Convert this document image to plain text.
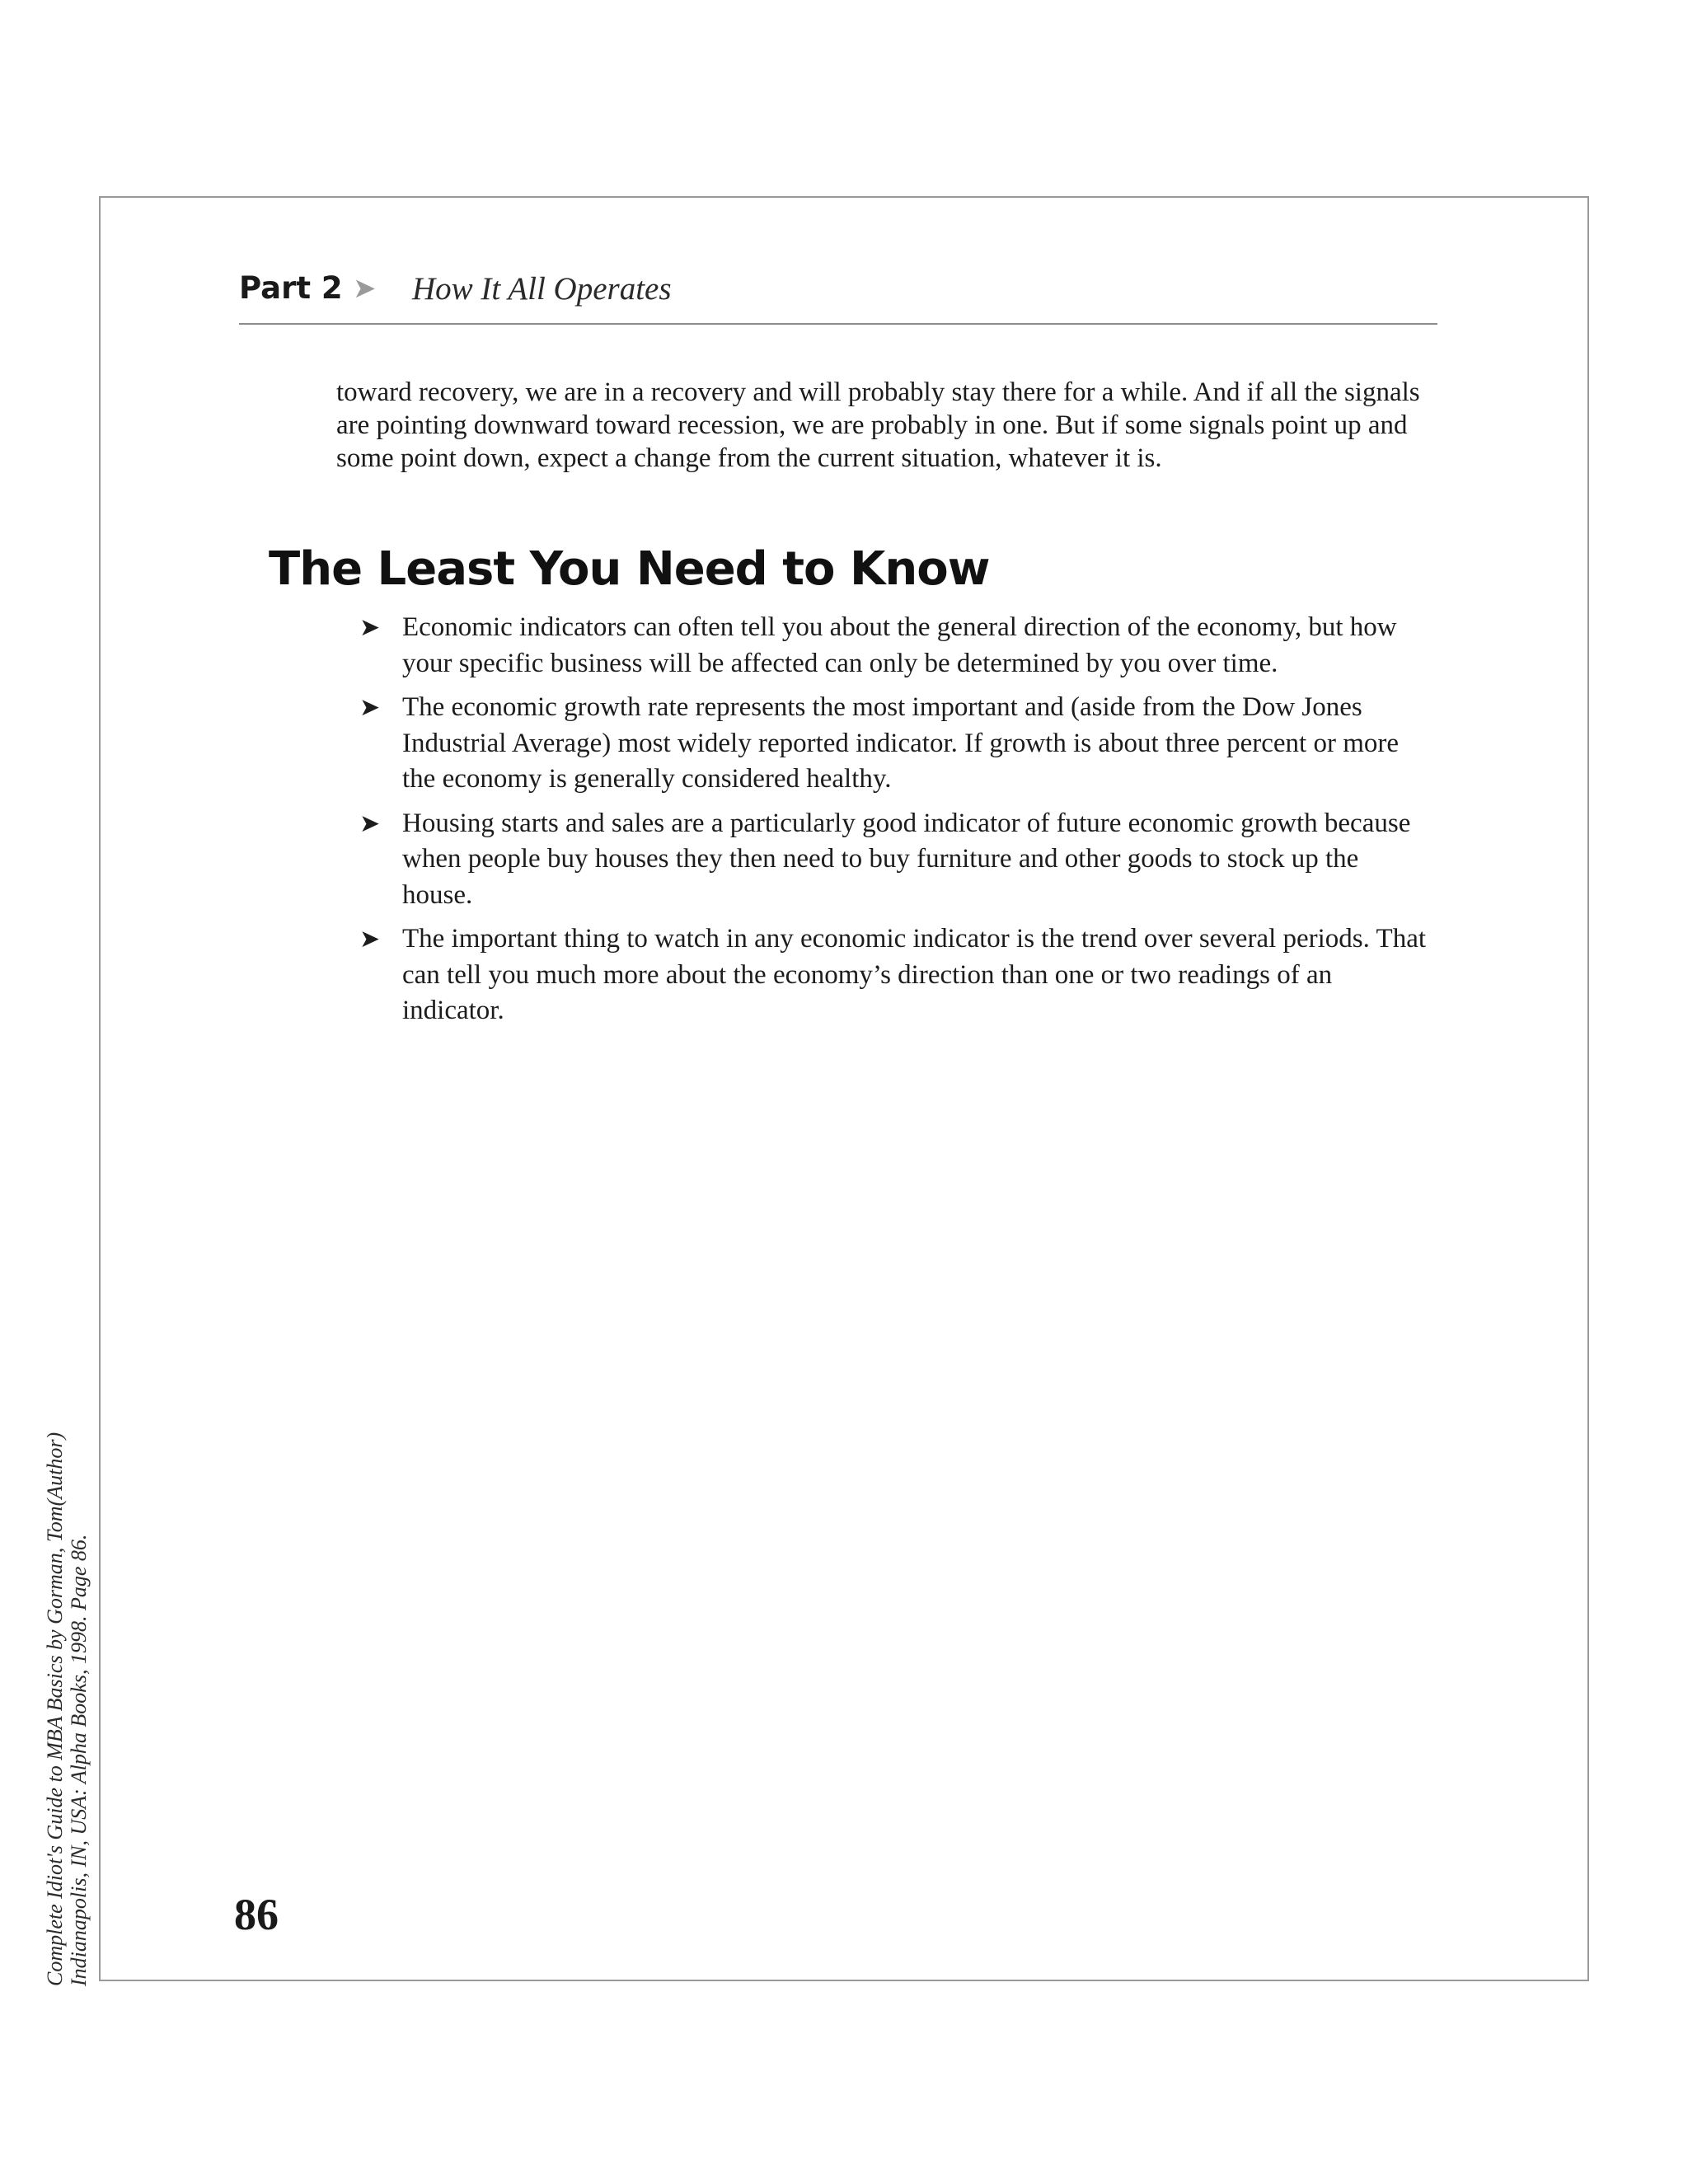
Part 2 ➤ How It All Operates

toward recovery, we are in a recovery and will probably stay there for a while. And if all the signals are pointing downward toward recession, we are probably in one. But if some signals point up and some point down, expect a change from the current situation, whatever it is.

The Least You Need to Know
➤ Economic indicators can often tell you about the general direction of the economy, but how your specific business will be affected can only be determined by you over time.
➤ The economic growth rate represents the most important and (aside from the Dow Jones Industrial Average) most widely reported indicator. If growth is about three percent or more the economy is generally considered healthy.
➤ Housing starts and sales are a particularly good indicator of future economic growth because when people buy houses they then need to buy furniture and other goods to stock up the house.
➤ The important thing to watch in any economic indicator is the trend over several periods. That can tell you much more about the economy’s direction than one or two readings of an indicator.
86
Complete Idiot's Guide to MBA Basics by Gorman, Tom(Author) Indianapolis, IN, USA: Alpha Books, 1998. Page 86.
